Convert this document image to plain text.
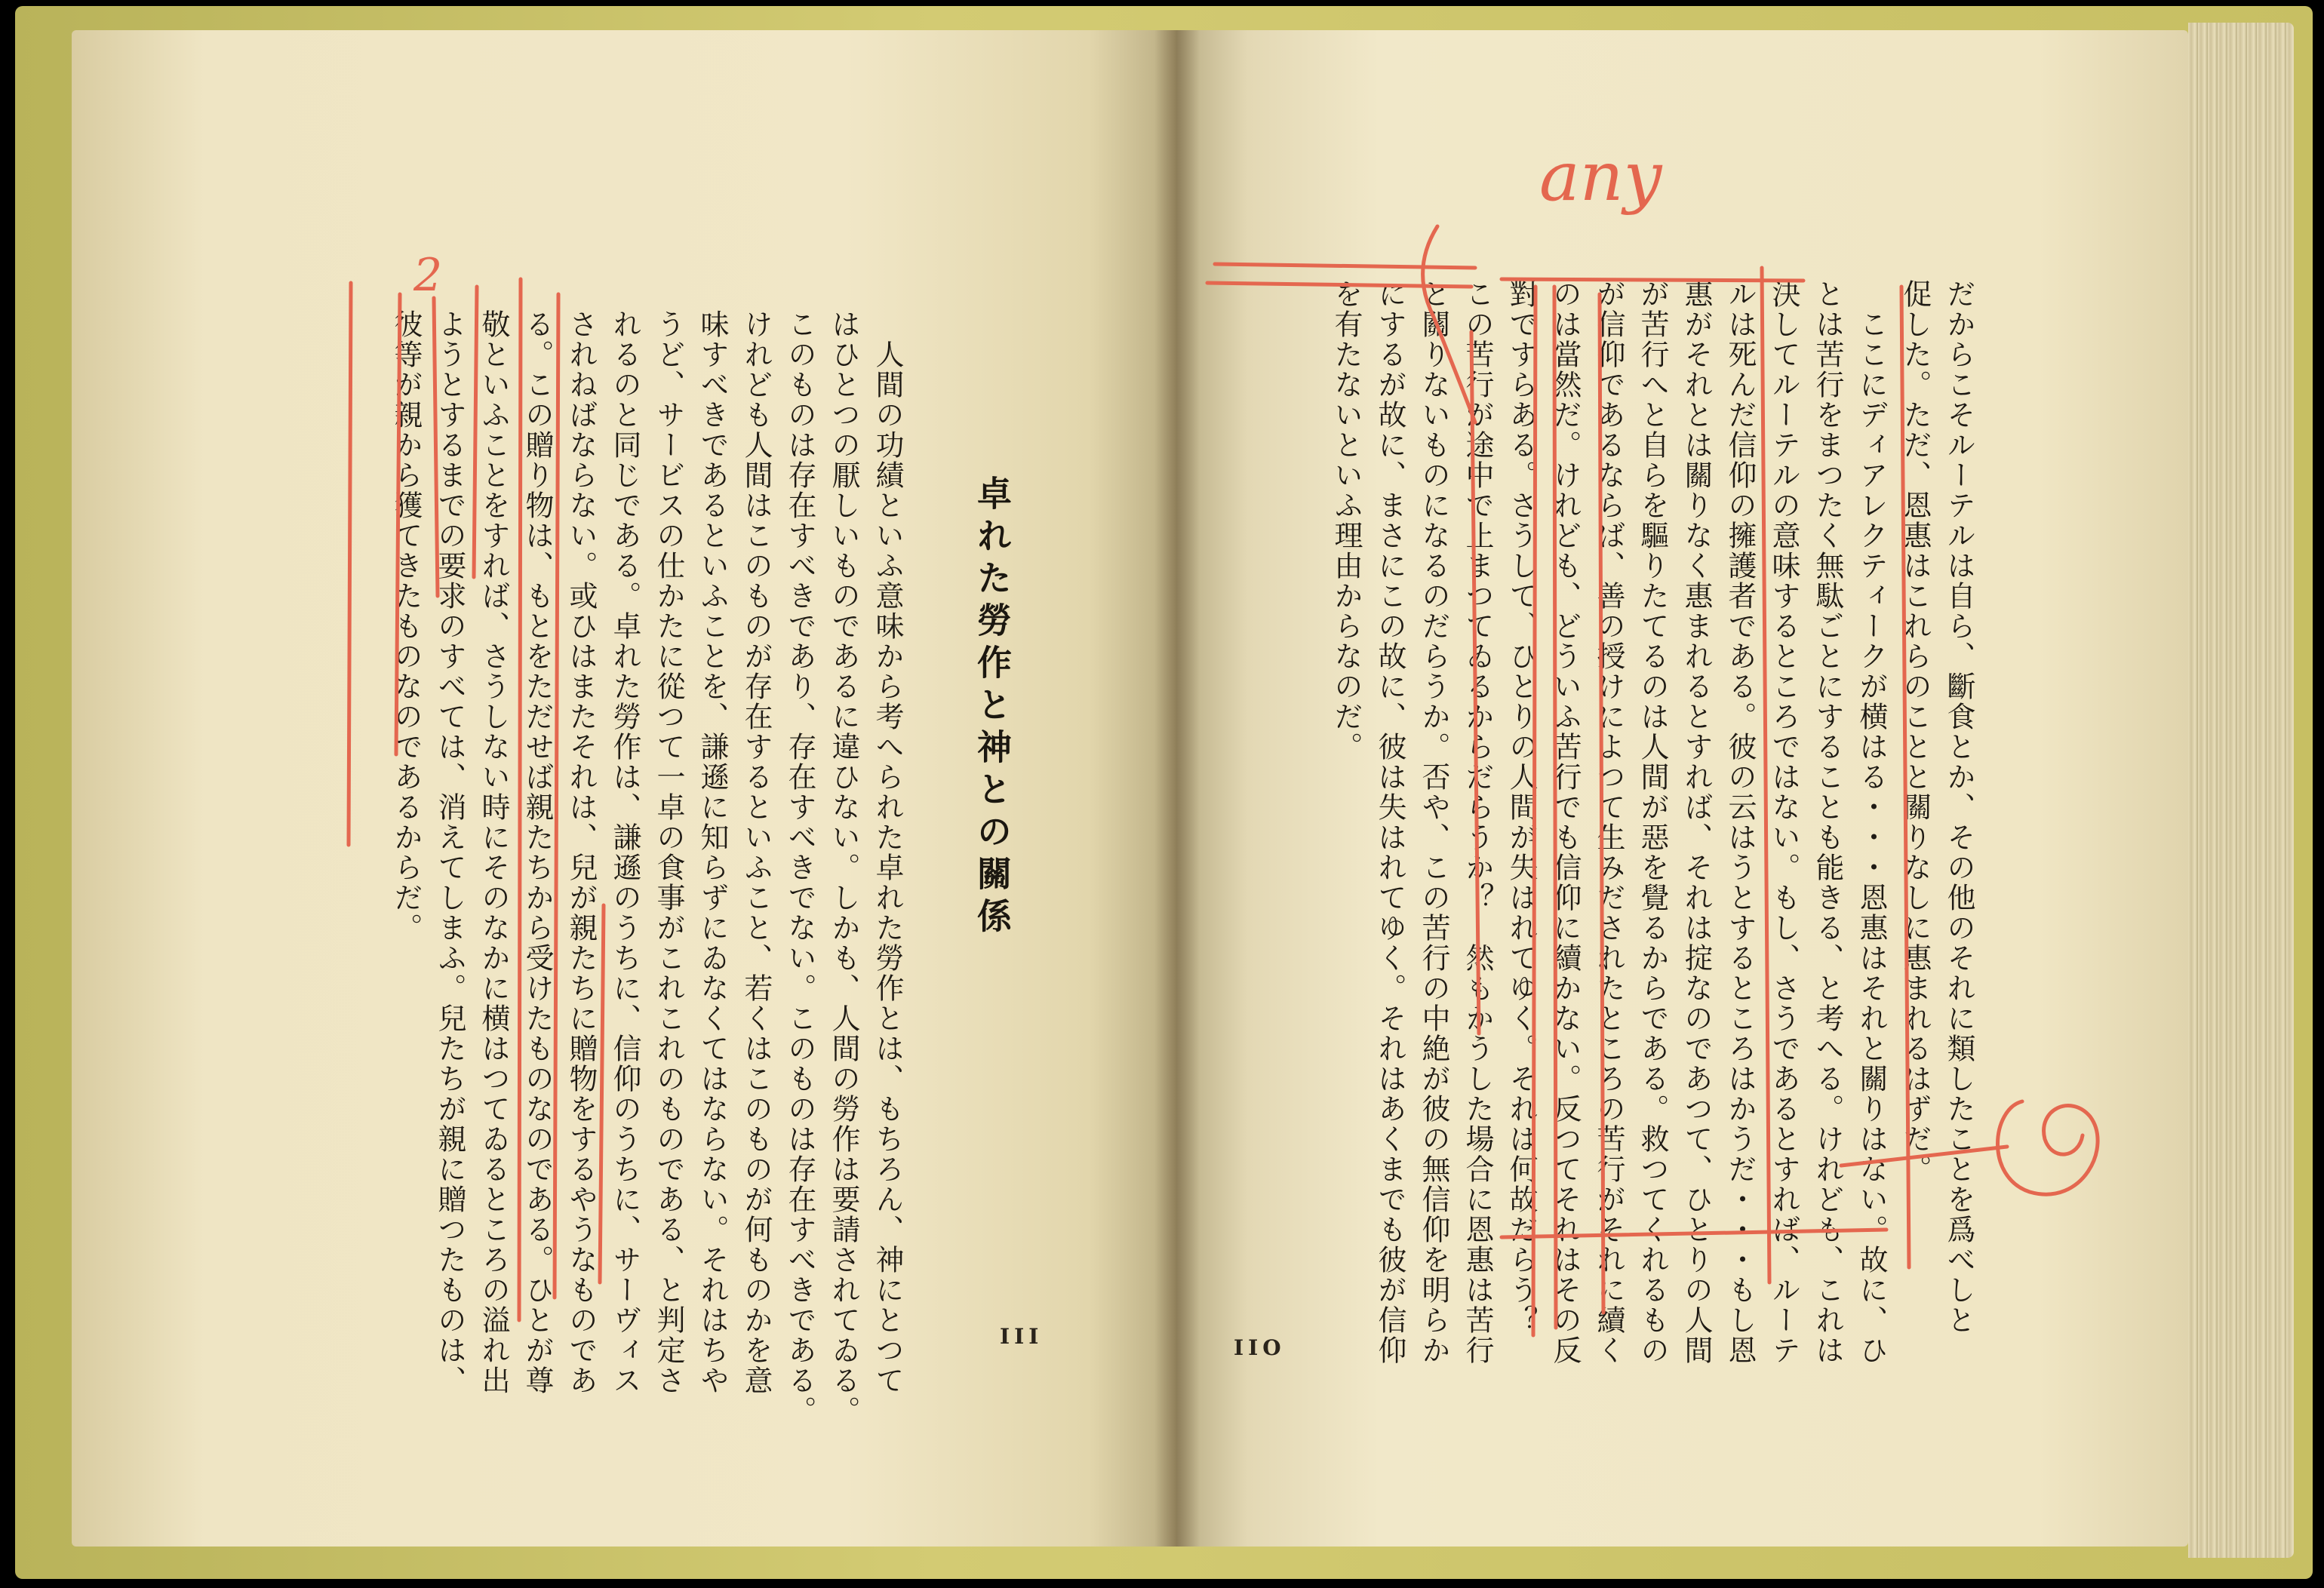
卓れた勞作と神との關係

人間の功績といふ意味から考へられた卓れた勞作とは、もちろん、神にとつて

はひとつの厭しいものであるに違ひない。しかも、人間の勞作は要請されてゐる。

このものは存在すべきであり、存在すべきでない。このものは存在すべきである。

けれども人間はこのものが存在するといふこと、若くはこのものが何ものかを意

味すべきであるといふことを、謙遜に知らずにゐなくてはならない。それはちや

うど、サービスの仕かたに從つて一卓の食事がこれこれのものである、と判定さ

れるのと同じである。卓れた勞作は、謙遜のうちに、信仰のうちに、サーヴィス

されねばならない。或ひはまたそれは、兒が親たちに贈物をするやうなものであ

る。この贈り物は、もとをただせば親たちから受けたものなのである。ひとが尊

敬といふことをすれば、さうしない時にそのなかに横はつてゐるところの溢れ出

ようとするまでの要求のすべては、消えてしまふ。兒たちが親に贈つたものは、

彼等が親から獲てきたものなのであるからだ。

III

だからこそルーテルは自ら、斷食とか、その他のそれに類したことを爲べしと

促した。ただ、恩惠はこれらのことと關りなしに惠まれるはずだ。

ここにディアレクティークが横はる・・・恩惠はそれと關りはない。故に、ひ

とは苦行をまつたく無駄ごとにすることも能きる、と考へる。けれども、これは

決してルーテルの意味するところではない。もし、さうであるとすれば、ルーテ

ルは死んだ信仰の擁護者である。彼の云はうとするところはかうだ・・・もし恩

惠がそれとは關りなく惠まれるとすれば、それは掟なのであつて、ひとりの人間

が苦行へと自らを驅りたてるのは人間が惡を覺るからである。救つてくれるもの

が信仰であるならば、善の授けによつて生みだされたところの苦行がそれに續く

のは當然だ。けれども、どういふ苦行でも信仰に續かない。反つてそれはその反

對ですらある。さうして、ひとりの人間が失はれてゆく。それは何故だらう？

この苦行が途中で止まつてゐるからだらうか？　然もかうした場合に恩惠は苦行

と關りないものになるのだらうか。否や、この苦行の中絶が彼の無信仰を明らか

にするが故に、まさにこの故に、彼は失はれてゆく。それはあくまでも彼が信仰

を有たないといふ理由からなのだ。

IIO
any
2
